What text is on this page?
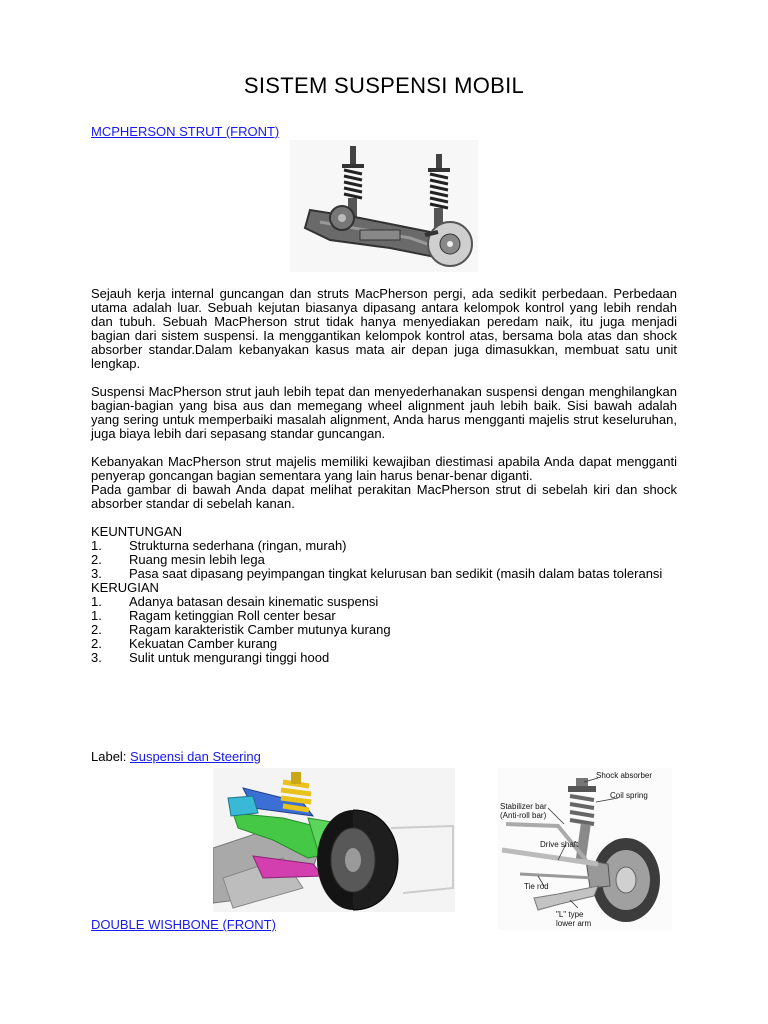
SISTEM SUSPENSI MOBIL
MCPHERSON STRUT (FRONT)

Sejauh kerja internal guncangan dan struts MacPherson pergi, ada sedikit perbedaan. Perbedaan utama adalah luar. Sebuah kejutan biasanya dipasang antara kelompok kontrol yang lebih rendah dan tubuh. Sebuah MacPherson strut tidak hanya menyediakan peredam naik, itu juga menjadi bagian dari sistem suspensi. Ia menggantikan kelompok kontrol atas, bersama bola atas dan shock absorber standar.Dalam kebanyakan kasus mata air depan juga dimasukkan, membuat satu unit lengkap.

Suspensi MacPherson strut jauh lebih tepat dan menyederhanakan suspensi dengan menghilangkan bagian-bagian yang bisa aus dan memegang wheel alignment jauh lebih baik. Sisi bawah adalah yang sering untuk memperbaiki masalah alignment, Anda harus mengganti majelis strut keseluruhan, juga biaya lebih dari sepasang standar guncangan.

Kebanyakan MacPherson strut majelis memiliki kewajiban diestimasi apabila Anda dapat mengganti penyerap goncangan bagian sementara yang lain harus benar-benar diganti.

Pada gambar di bawah Anda dapat melihat perakitan MacPherson strut di sebelah kiri dan shock absorber standar di sebelah kanan.

KEUNTUNGAN
1.	Strukturna sederhana (ringan, murah)
2.	Ruang mesin lebih lega
3.	Pasa saat dipasang peyimpangan tingkat kelurusan ban sedikit (masih dalam batas toleransi
KERUGIAN
1.	Adanya batasan desain kinematic suspensi
1.	Ragam ketinggian Roll center besar
2.	Ragam karakteristik Camber mutunya kurang
2.	Kekuatan Camber kurang
3.	Sulit untuk mengurangi tinggi hood
Label: Suspensi dan Steering
Shock absorber
Coil spring
Stabilizer bar
(Anti-roll bar)
Drive shaft
Tie rod
"L" type
lower arm
DOUBLE WISHBONE (FRONT)
